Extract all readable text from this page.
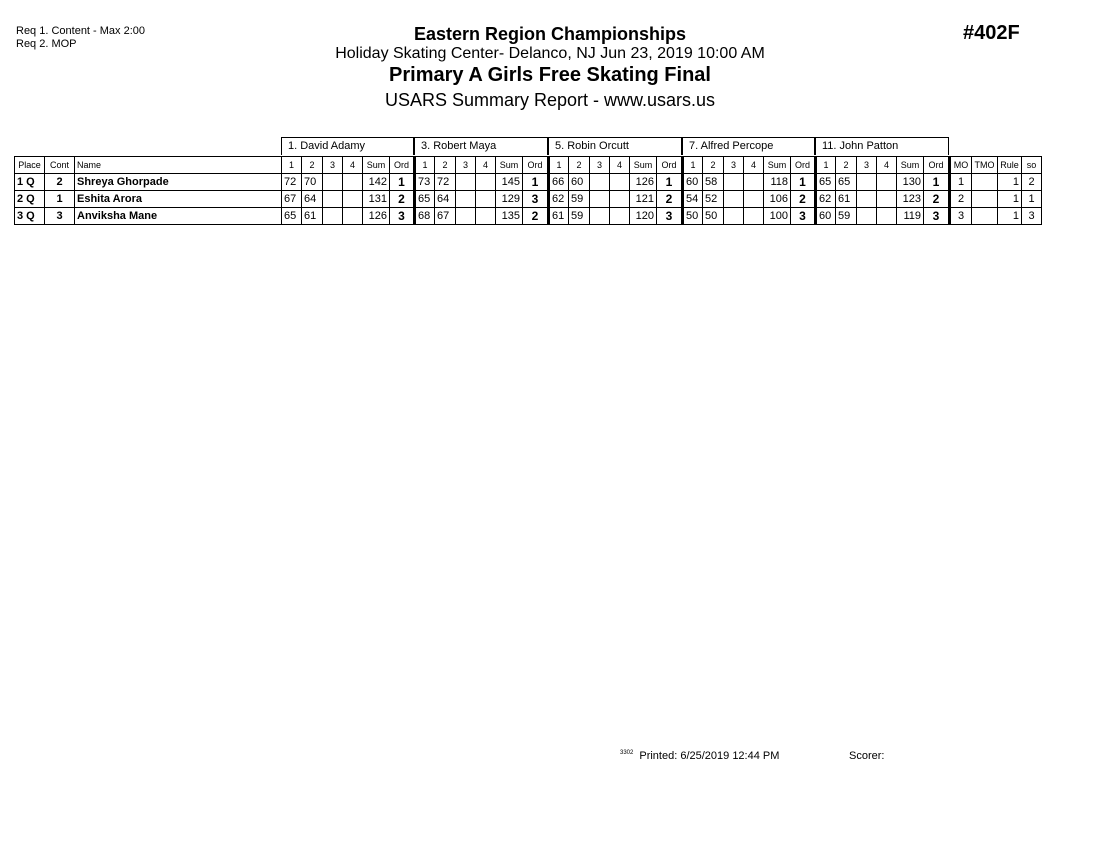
Req 1. Content - Max 2:00
Req 2. MOP	#402F
Eastern Region Championships
Holiday Skating Center- Delanco, NJ Jun 23, 2019 10:00 AM
Primary A Girls Free Skating Final
USARS Summary Report - www.usars.us
1. David Adamy	3. Robert Maya	5. Robin Orcutt	7. Alfred Percope	11. John Patton
Place	Cont	Name	1	2	3	4	Sum	Ord	1	2	3	4	Sum	Ord	1	2	3	4	Sum	Ord	1	2	3	4	Sum	Ord	1	2	3	4	Sum	Ord	MO	TMO	Rule	so
1 Q	2	Shreya Ghorpade	72	70			142	1	73	72			145	1	66	60			126	1	60	58			118	1	65	65			130	1	1		1	2
2 Q	1	Eshita Arora	67	64			131	2	65	64			129	3	62	59			121	2	54	52			106	2	62	61			123	2	2		1	1
3 Q	3	Anviksha Mane	65	61			126	3	68	67			135	2	61	59			120	3	50	50			100	3	60	59			119	3	3		1	3
$^{3302}$ Printed: 6/25/2019 12:44 PM	Scorer:
